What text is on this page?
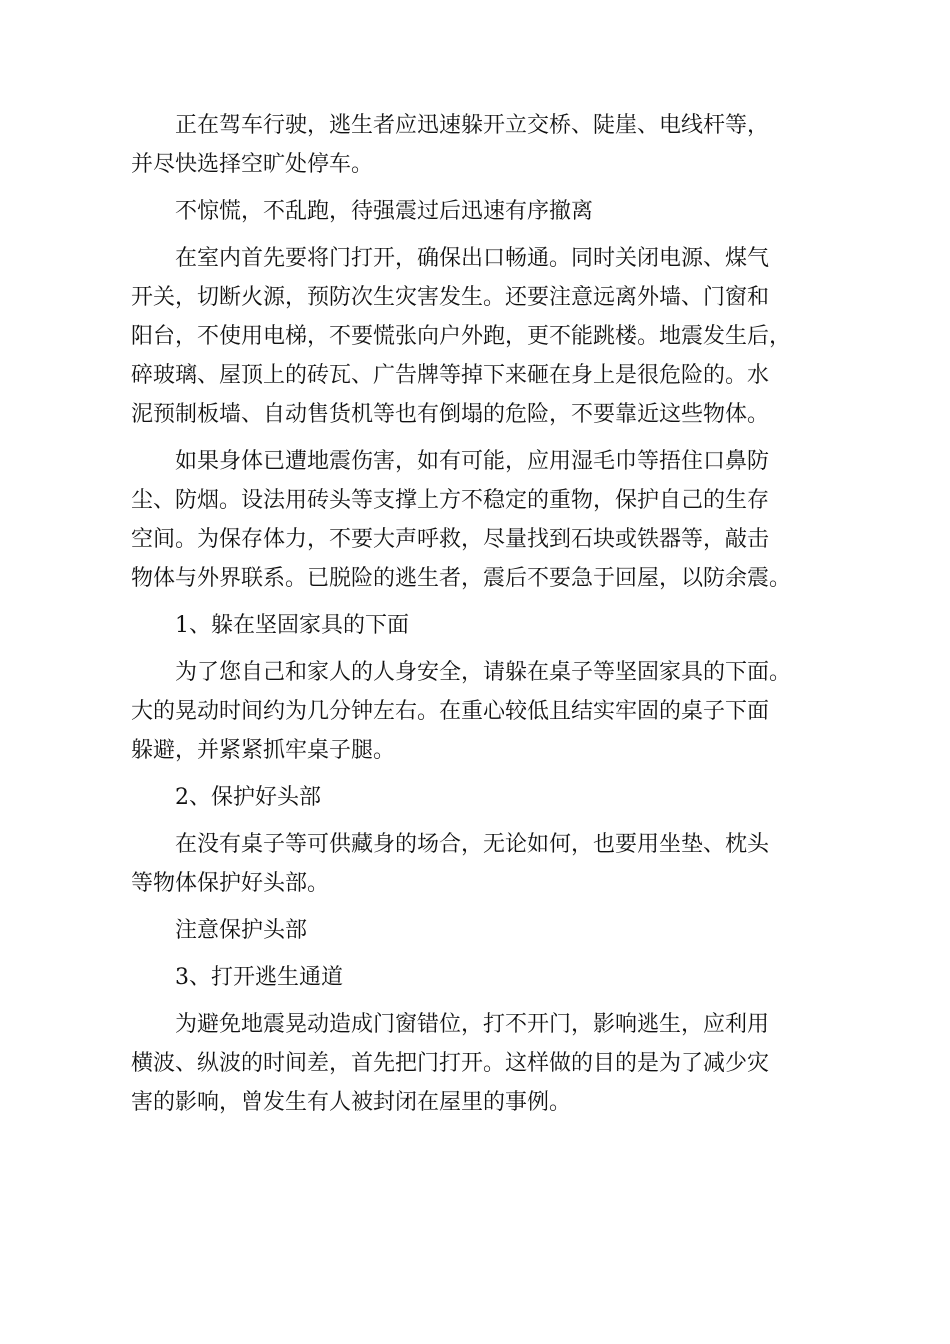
正在驾车行驶，逃生者应迅速躲开立交桥、陡崖、电线杆等，
并尽快选择空旷处停车。

不惊慌，不乱跑，待强震过后迅速有序撤离

在室内首先要将门打开，确保出口畅通。同时关闭电源、煤气
开关，切断火源，预防次生灾害发生。还要注意远离外墙、门窗和
阳台，不使用电梯，不要慌张向户外跑，更不能跳楼。地震发生后，
碎玻璃、屋顶上的砖瓦、广告牌等掉下来砸在身上是很危险的。水
泥预制板墙、自动售货机等也有倒塌的危险，不要靠近这些物体。

如果身体已遭地震伤害，如有可能，应用湿毛巾等捂住口鼻防
尘、防烟。设法用砖头等支撑上方不稳定的重物，保护自己的生存
空间。为保存体力，不要大声呼救，尽量找到石块或铁器等，敲击
物体与外界联系。已脱险的逃生者，震后不要急于回屋，以防余震。

1、躲在坚固家具的下面

为了您自己和家人的人身安全，请躲在桌子等坚固家具的下面。
大的晃动时间约为几分钟左右。在重心较低且结实牢固的桌子下面
躲避，并紧紧抓牢桌子腿。

2、保护好头部

在没有桌子等可供藏身的场合，无论如何，也要用坐垫、枕头
等物体保护好头部。

注意保护头部

3、打开逃生通道

为避免地震晃动造成门窗错位，打不开门，影响逃生，应利用
横波、纵波的时间差，首先把门打开。这样做的目的是为了减少灾
害的影响，曾发生有人被封闭在屋里的事例。
